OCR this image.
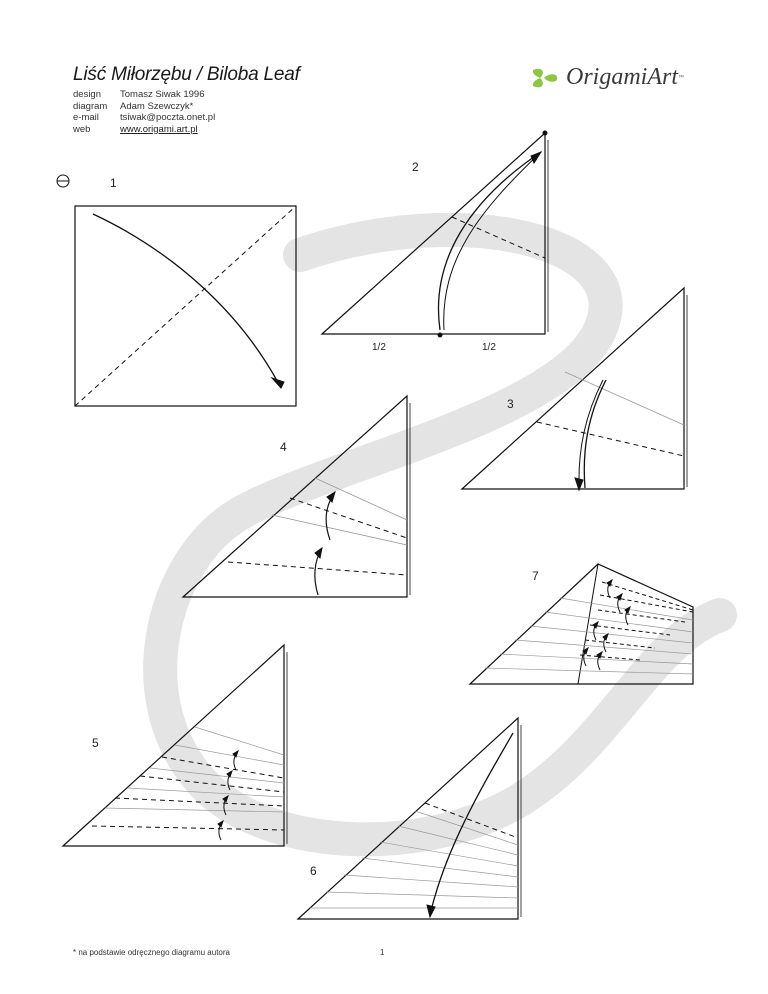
Liść Miłorzębu / Biloba Leaf
design	Tomasz Siwak 1996
diagram	Adam Szewczyk*
e-mail	tsiwak@poczta.onet.pl
web	www.origami.art.pl
OrigamiArt ™
1
2
3
4
5
6
7
1/2	1/2
* na podstawie odręcznego diagramu autora	1
